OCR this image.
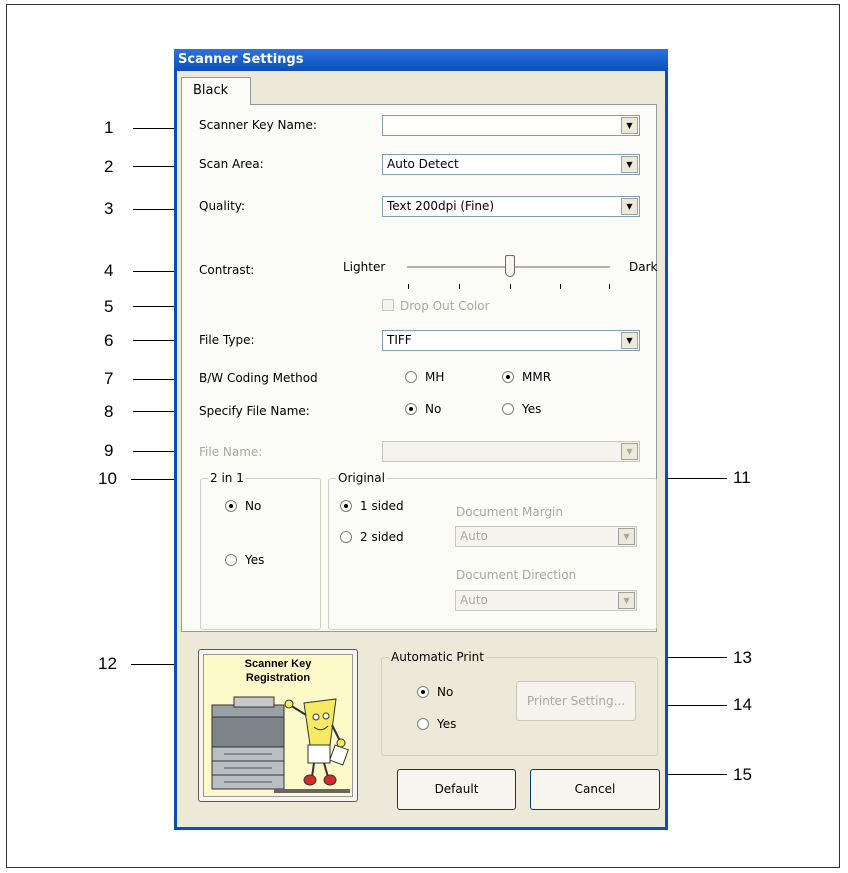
1
2
3
4
5
6
7
8
9
10	11
12	13
14
15
Scanner Settings
Black
Scanner Key Name:	▼
Scan Area:	Auto Detect	▼
Quality:	Text 200dpi (Fine)	▼
Contrast:	Lighter	Dark
Drop Out Color
File Type:	TIFF	▼
B/W Coding Method	MH	MMR
Specify File Name:	No	Yes
File Name:	▼
2 in 1
No
Yes
Original
1 sided
2 sided
Document Margin
Auto	▼
Document Direction
Auto	▼
Scanner Key
Registration
Automatic Print
No
Yes
Printer Setting...
Default	Cancel
